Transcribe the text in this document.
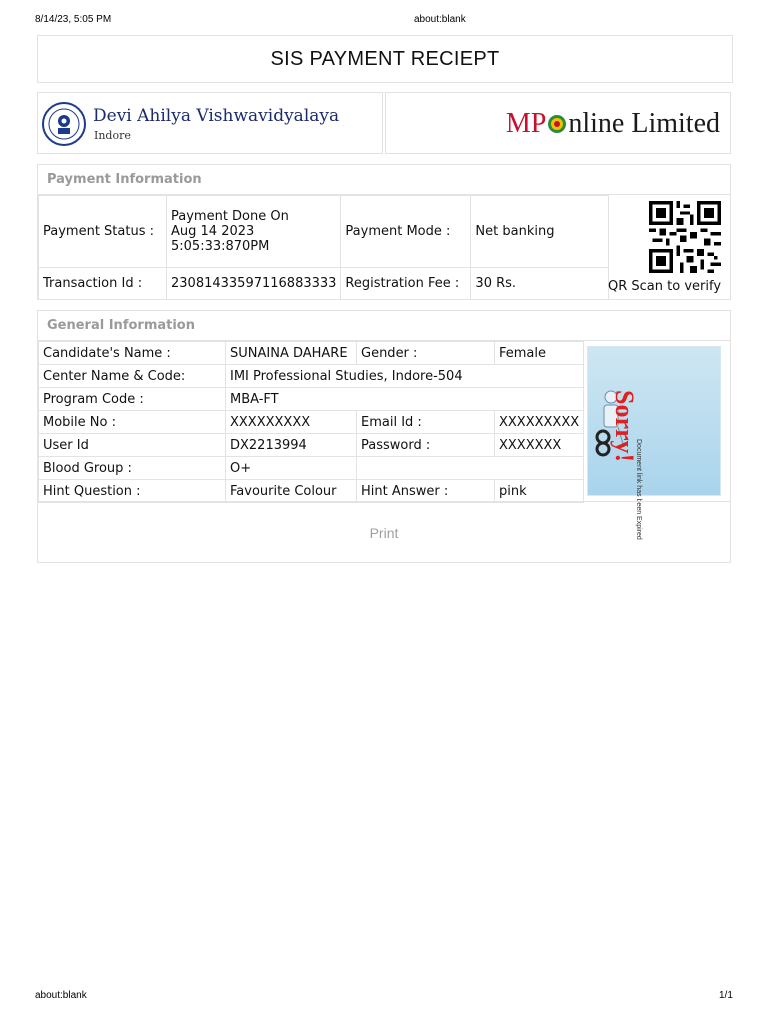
8/14/23, 5:05 PM	about:blank
SIS PAYMENT RECIEPT
Devi Ahilya Vishwavidyalaya
Indore	MP nline Limited
Payment Information
Payment Status :	Payment Done On
Aug 14 2023
5:05:33:870PM	Payment Mode :	Net banking
Transaction Id :	23081433597116883333	Registration Fee :	30 Rs.	QR Scan to verify
General Information
Candidate's Name :	SUNAINA DAHARE	Gender :	Female
Center Name & Code:	IMI Professional Studies, Indore-504		
Program Code :	MBA-FT		
Mobile No :	XXXXXXXXX	Email Id :	XXXXXXXXX
User Id	DX2213994	Password :	XXXXXXX
Blood Group :	O+		
Hint Question :	Favourite Colour	Hint Answer :	pink
Sorry!
Document link has been Expired
Print
about:blank	1/1
